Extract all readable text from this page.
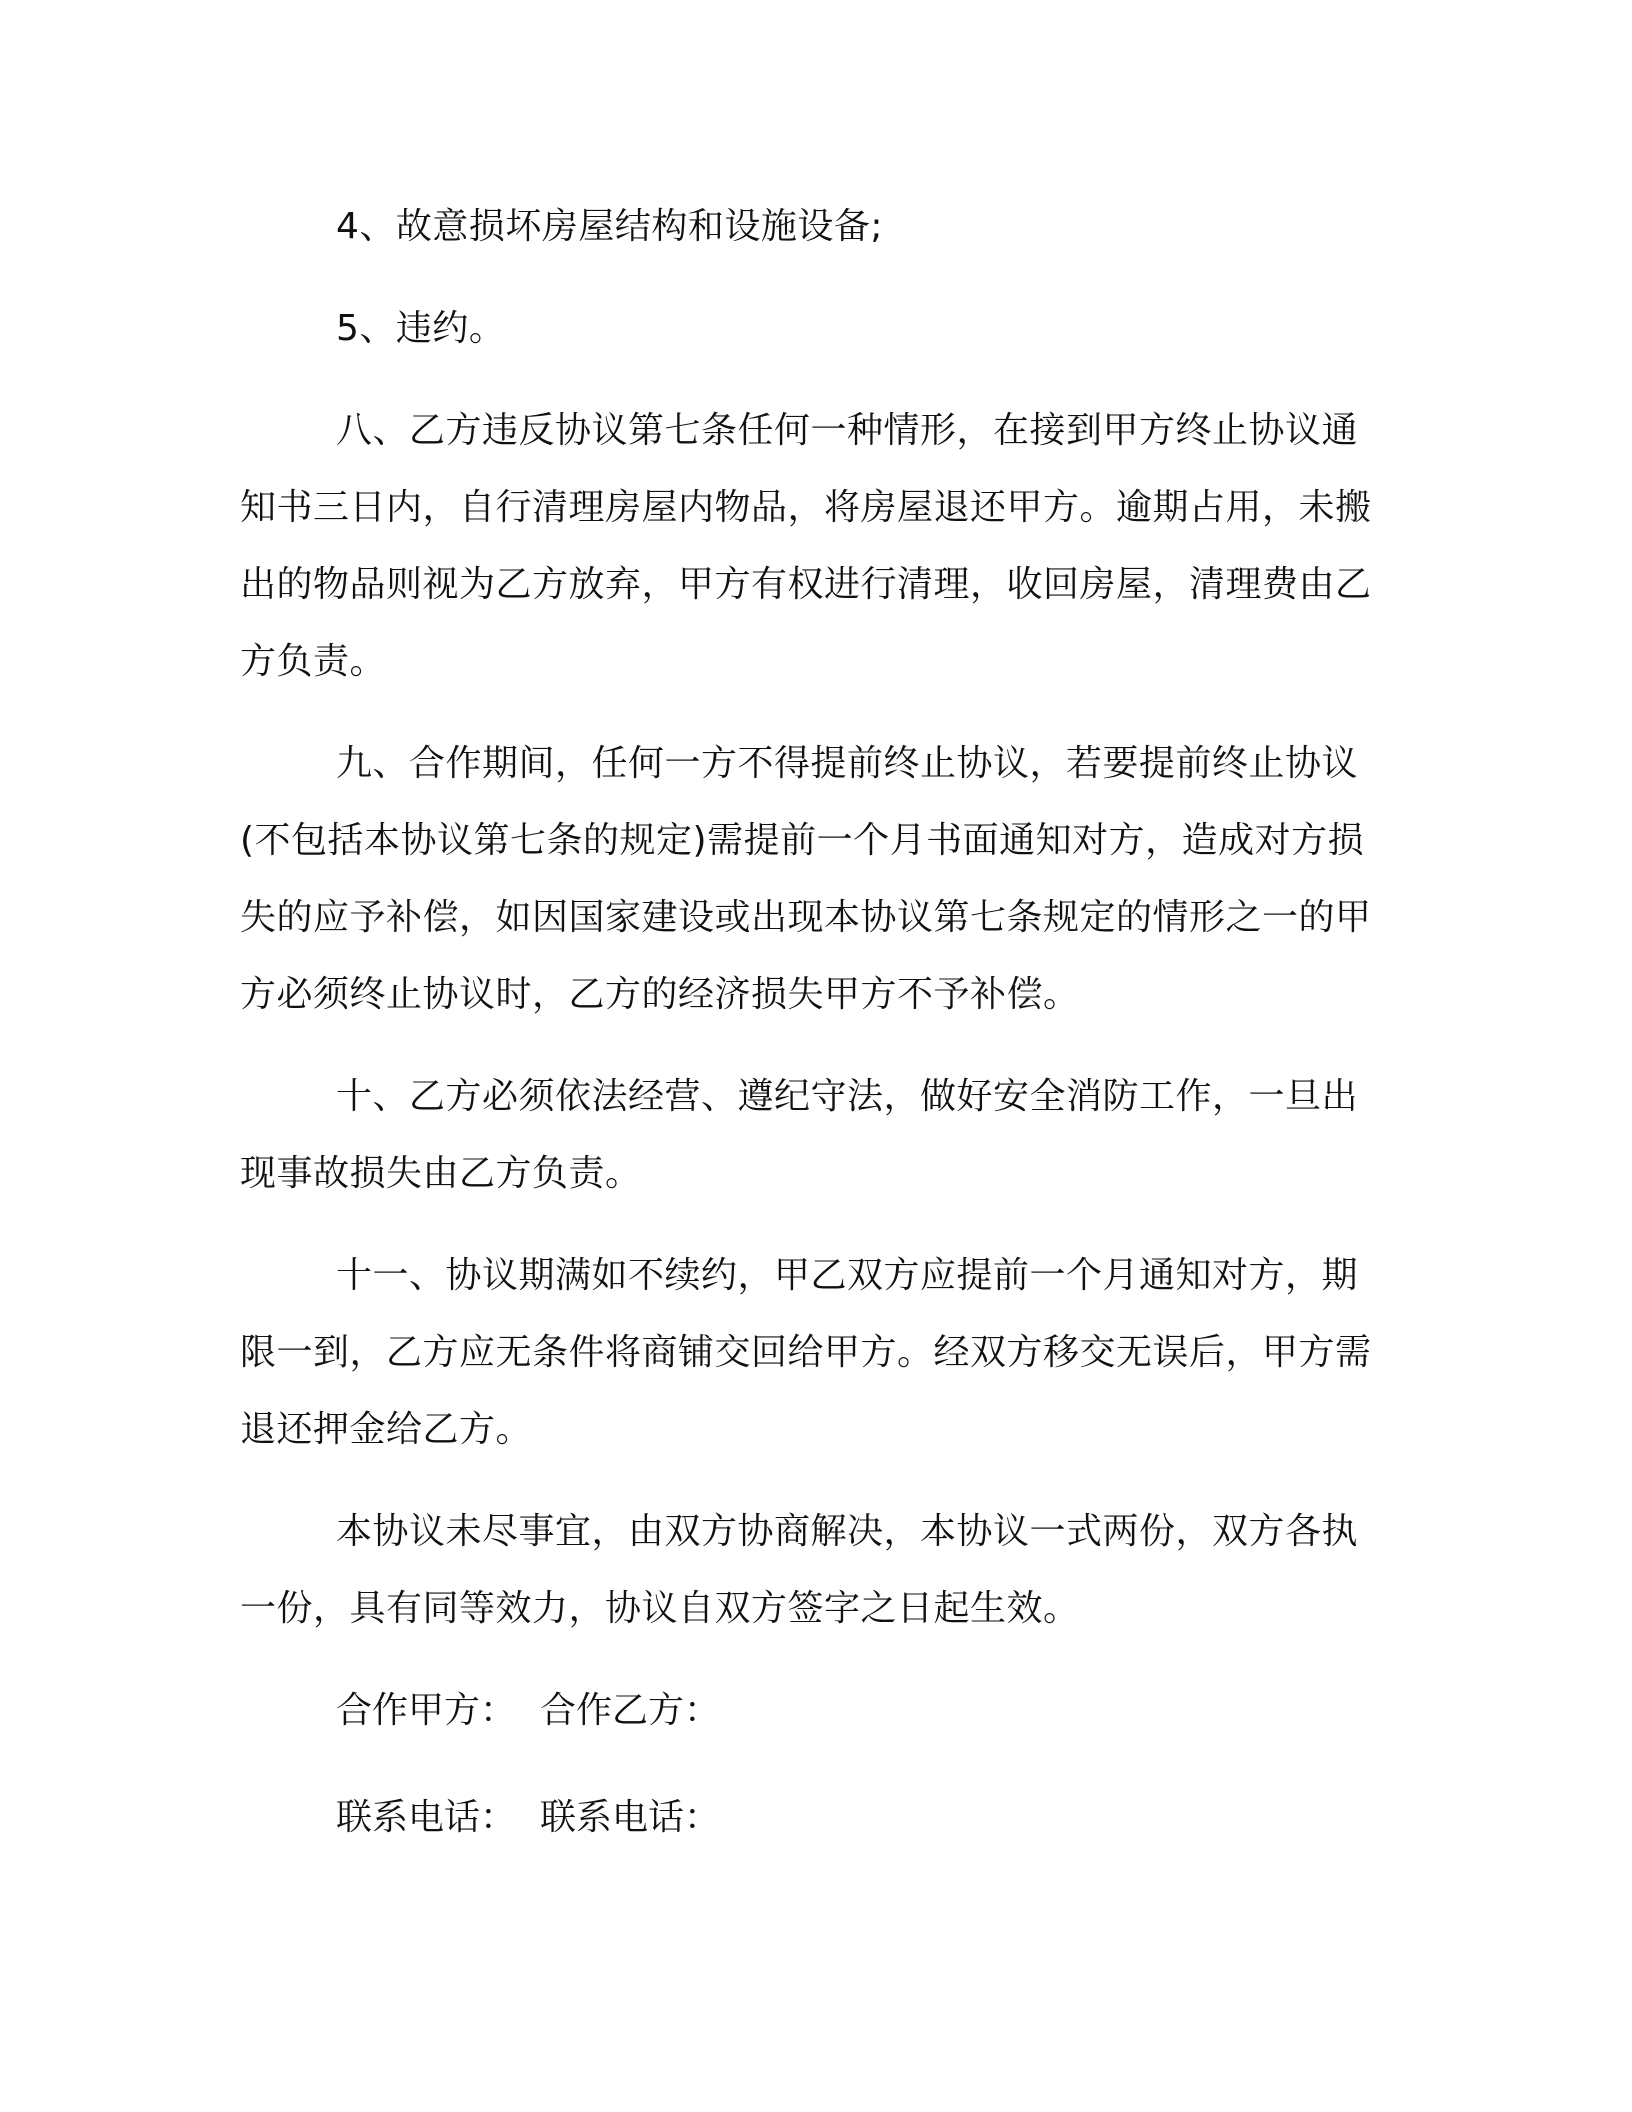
4、故意损坏房屋结构和设施设备;

5、违约。

八、乙方违反协议第七条任何一种情形，在接到甲方终止协议通知书三日内，自行清理房屋内物品，将房屋退还甲方。逾期占用，未搬出的物品则视为乙方放弃，甲方有权进行清理，收回房屋，清理费由乙方负责。

九、合作期间，任何一方不得提前终止协议，若要提前终止协议(不包括本协议第七条的规定)需提前一个月书面通知对方，造成对方损失的应予补偿，如因国家建设或出现本协议第七条规定的情形之一的甲方必须终止协议时，乙方的经济损失甲方不予补偿。

十、乙方必须依法经营、遵纪守法，做好安全消防工作，一旦出现事故损失由乙方负责。

十一、协议期满如不续约，甲乙双方应提前一个月通知对方，期限一到，乙方应无条件将商铺交回给甲方。经双方移交无误后，甲方需退还押金给乙方。

本协议未尽事宜，由双方协商解决，本协议一式两份，双方各执一份，具有同等效力，协议自双方签字之日起生效。

合作甲方： 合作乙方：

联系电话： 联系电话：
